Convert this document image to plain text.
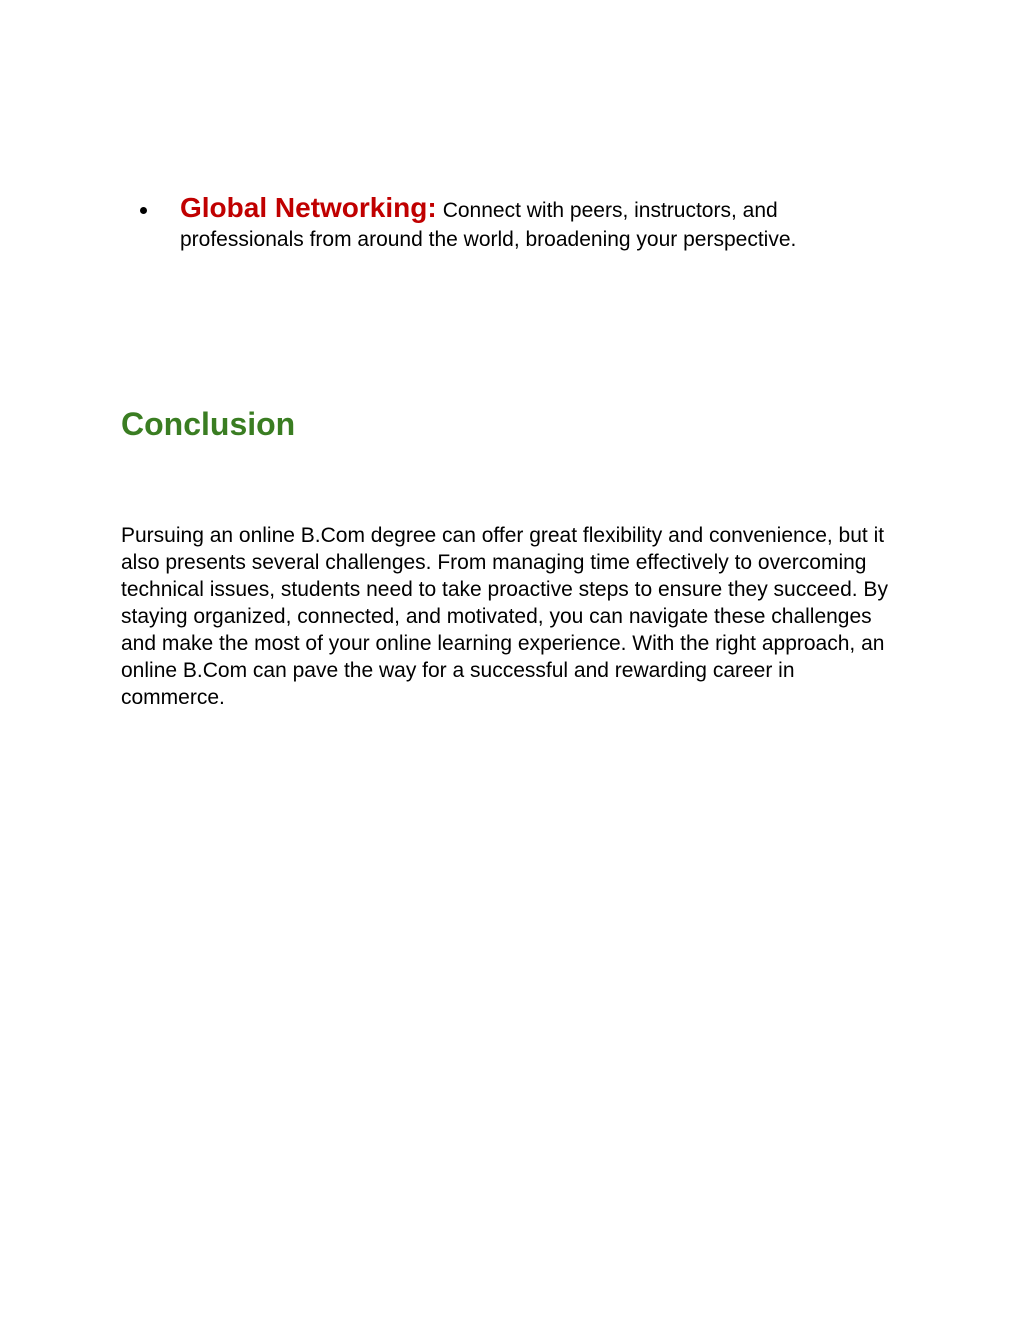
Global Networking: Connect with peers, instructors, and professionals from around the world, broadening your perspective.
Conclusion

Pursuing an online B.Com degree can offer great flexibility and convenience, but it also presents several challenges. From managing time effectively to overcoming technical issues, students need to take proactive steps to ensure they succeed. By staying organized, connected, and motivated, you can navigate these challenges and make the most of your online learning experience. With the right approach, an online B.Com can pave the way for a successful and rewarding career in commerce.
